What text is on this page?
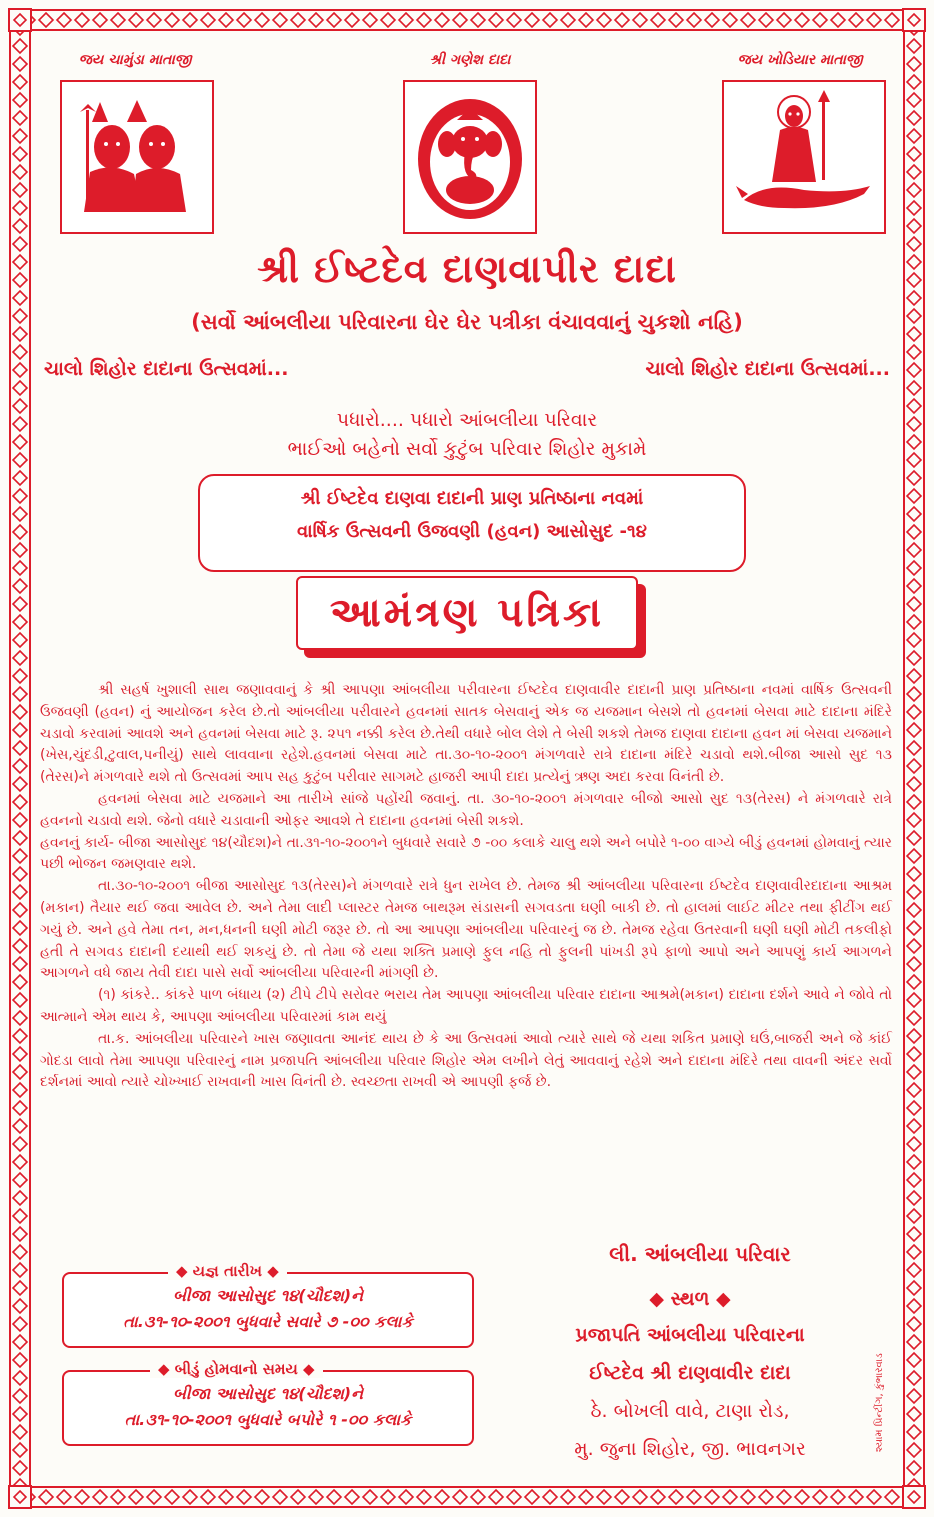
જય ચામુંડા માતાજી	શ્રી ગણેશ દાદા	જય ખોડિયાર માતાજી
શ્રી ઈષ્ટદેવ દાણવાપીર દાદા
(સર્વો આંબલીયા પરિવારના ઘેર ઘેર પત્રીકા વંચાવવાનું ચુકશો નહિ)
ચાલો શિહોર દાદાના ઉત્સવમાં...	ચાલો શિહોર દાદાના ઉત્સવમાં...
પધારો.... પધારો આંબલીયા પરિવાર
ભાઈઓ બહેનો સર્વો કુટુંબ પરિવાર શિહોર મુકામે
શ્રી ઈષ્ટદેવ દાણવા દાદાની પ્રાણ પ્રતિષ્ઠાના નવમાં
વાર્ષિક ઉત્સવની ઉજવણી (હવન) આસોસુદ -૧૪
આમંત્રણ પત્રિકા

શ્રી સહર્ષ ખુશાલી સાથ જણાવવાનું કે શ્રી આપણા આંબલીયા પરીવારના ઈષ્ટદેવ દાણવાવીર દાદાની પ્રાણ પ્રતિષ્ઠાના નવમાં વાર્ષિક ઉત્સવની ઉજવણી (હવન) નું આયોજન કરેલ છે.તો આંબલીયા પરીવારને હવનમાં સાતક બેસવાનું એક જ યજમાન બેસશે તો હવનમાં બેસવા માટે દાદાના મંદિરે ચડાવો કરવામાં આવશે અને હવનમાં બેસવા માટે રૂ. ૨૫૧ નક્કી કરેલ છે.તેથી વધારે બોલ લેશે તે બેસી શકશે તેમજ દાણવા દાદાના હવન માં બેસવા યજમાને (ખેસ,ચુંદડી,ટુવાલ,પનીયું) સાથે લાવવાના રહેશે.હવનમાં બેસવા માટે તા.૩૦-૧૦-૨૦૦૧ મંગળવારે રાત્રે દાદાના મંદિરે ચડાવો થશે.બીજા આસો સુદ ૧૩ (તેરસ)ને મંગળવારે થશે તો ઉત્સવમાં આપ સહ કુટુંબ પરીવાર સાગમટે હાજરી આપી દાદા પ્રત્યેનું ઋણ અદા કરવા વિનંતી છે.

હવનમાં બેસવા માટે યજમાને આ તારીખે સાંજે પહોંચી જવાનું. તા. ૩૦-૧૦-૨૦૦૧ મંગળવાર બીજો આસો સુદ ૧૩(તેરસ) ને મંગળવારે રાત્રે હવનનો ચડાવો થશે. જેનો વધારે ચડાવાની ઓફર આવશે તે દાદાના હવનમાં બેસી શકશે.

હવનનું કાર્ય- બીજા આસોસુદ ૧૪(ચૌદશ)ને તા.૩૧-૧૦-૨૦૦૧ને બુધવારે સવારે ૭ -૦૦ કલાકે ચાલુ થશે અને બપોરે ૧-૦૦ વાગ્યે બીડું હવનમાં હોમવાનું ત્યાર પછી ભોજન જમણવાર થશે.

તા.૩૦-૧૦-૨૦૦૧ બીજા આસોસુદ ૧૩(તેરસ)ને મંગળવારે રાત્રે ધુન રાખેલ છે. તેમજ શ્રી આંબલીયા પરિવારના ઈષ્ટદેવ દાણવાવીરદાદાના આશ્રમ (મકાન) તૈયાર થઈ જવા આવેલ છે. અને તેમા લાદી પ્લાસ્ટર તેમજ બાથરૂમ સંડાસની સગવડતા ઘણી બાકી છે. તો હાલમાં લાઈટ મીટર તથા ફીટીંગ થઈ ગયું છે. અને હવે તેમા તન, મન,ધનની ઘણી મોટી જરૂર છે. તો આ આપણા આંબલીયા પરિવારનું જ છે. તેમજ રહેવા ઉતરવાની ઘણી ઘણી મોટી તકલીફો હતી તે સગવડ દાદાની દયાથી થઈ શકયું છે. તો તેમા જે યથા શક્તિ પ્રમાણે ફુલ નહિ તો ફુલની પાંખડી રૂપે ફાળો આપો અને આપણું કાર્ય આગળને આગળને વધે જાય તેવી દાદા પાસે સર્વો આંબલીયા પરિવારની માંગણી છે.

(૧) કાંકરે.. કાંકરે પાળ બંધાય (૨) ટીપે ટીપે સરોવર ભરાય તેમ આપણા આંબલીયા પરિવાર દાદાના આશ્રમે(મકાન) દાદાના દર્શને આવે ને જોવે તો આત્માને એમ થાય કે, આપણા આંબલીયા પરિવારમાં કામ થયું

તા.ક. આંબલીયા પરિવારને ખાસ જણાવતા આનંદ થાય છે કે આ ઉત્સવમાં આવો ત્યારે સાથે જે યથા શકિત પ્રમાણે ઘઉં,બાજરી અને જે કાંઈ ગોદડા લાવો તેમા આપણા પરિવારનું નામ પ્રજાપતિ આંબલીયા પરિવાર શિહોર એમ લખીને લેતું આવવાનું રહેશે અને દાદાના મંદિરે તથા વાવની અંદર સર્વો દર્શનમાં આવો ત્યારે ચોખ્ખાઈ રાખવાની ખાસ વિનંતી છે. સ્વચ્છતા રાખવી એ આપણી ફર્જ છે.

બીજા આસોસુદ ૧૪(ચૌદશ)ને
તા.૩૧-૧૦-૨૦૦૧ બુધવારે સવારે ૭ -૦૦ કલાકે
◆ યજ્ઞ તારીખ ◆
બીજા આસોસુદ ૧૪(ચૌદશ)ને
તા.૩૧-૧૦-૨૦૦૧ બુધવારે બપોરે ૧ -૦૦ કલાકે
◆ બીડું હોમવાનો સમય ◆
લી. આંબલીયા પરિવાર
◆ સ્થળ ◆
પ્રજાપતિ આંબલીયા પરિવારના
ઈષ્ટદેવ શ્રી દાણવાવીર દાદા
ઠે. બોખલી વાવે, ટાણા રોડ,
મુ. જુના શિહોર, જી. ભાવનગર	શ્યામ પ્રિન્ટીંગ, કુંભારવાડ
